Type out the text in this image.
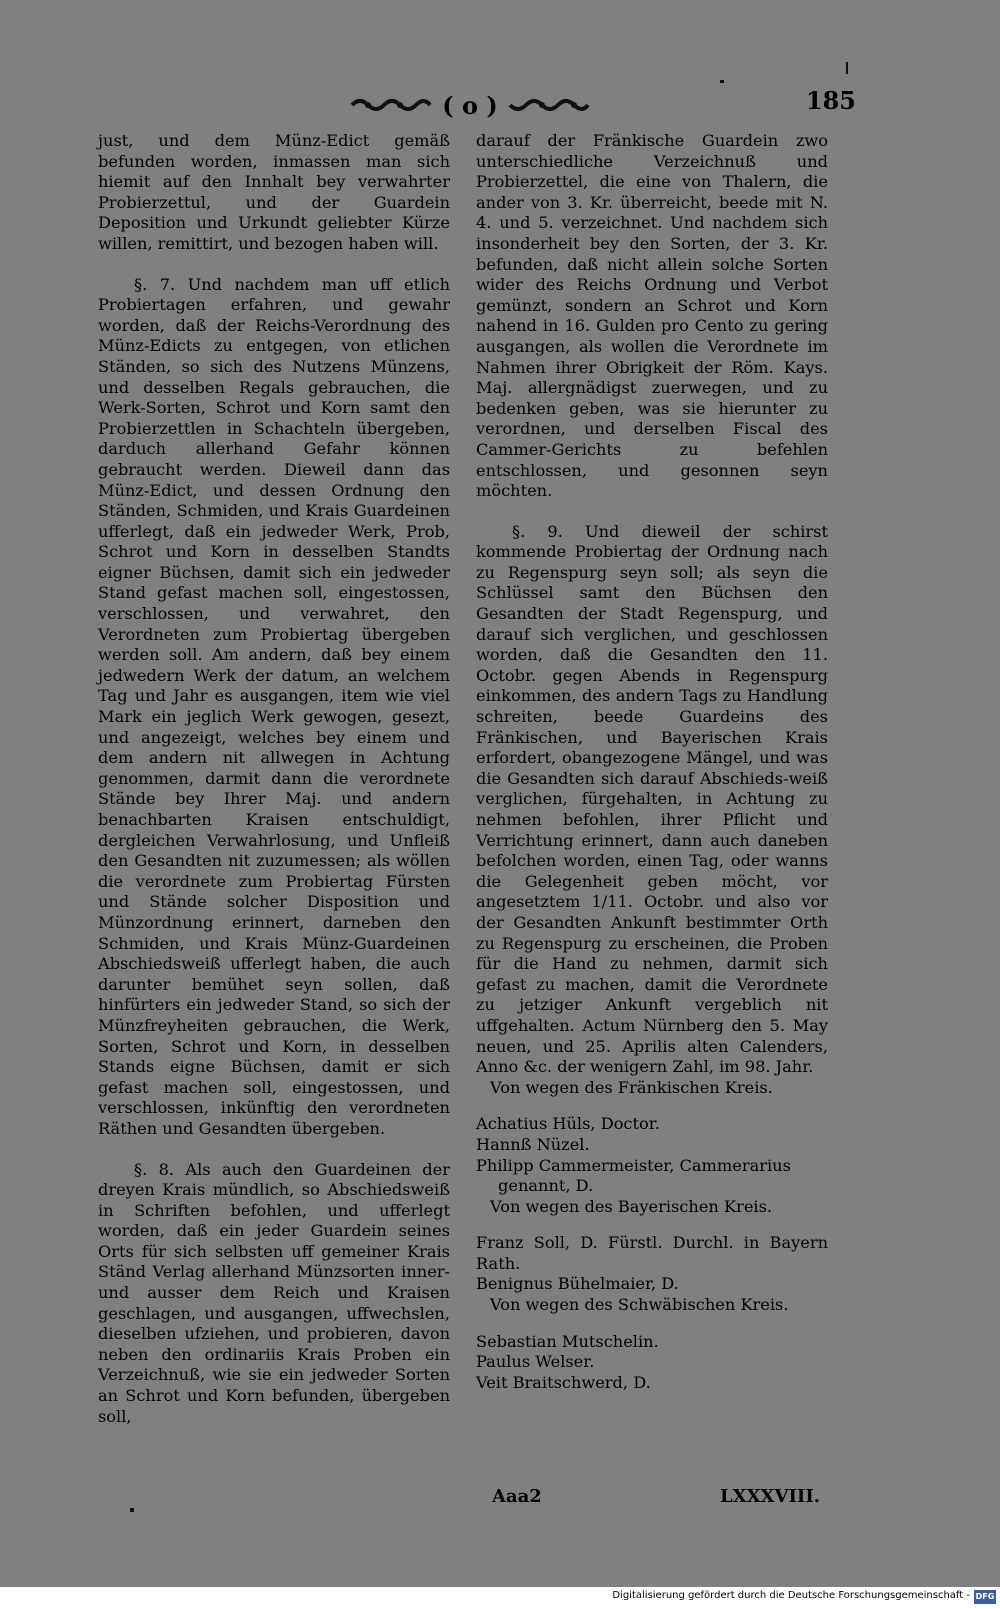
( o )	185

just, und dem Münz-Edict gemäß befunden worden, inmassen man sich hiemit auf den Innhalt bey verwahrter Probierzettul, und der Guardein Deposition und Urkundt geliebter Kürze willen, remittirt, und bezogen haben will.

§. 7. Und nachdem man uff etlich Probiertagen erfahren, und gewahr worden, daß der Reichs-Verordnung des Münz-Edicts zu entgegen, von etlichen Ständen, so sich des Nutzens Münzens, und desselben Regals gebrauchen, die Werk-Sorten, Schrot und Korn samt den Probierzettlen in Schachteln übergeben, darduch allerhand Gefahr können gebraucht werden. Dieweil dann das Münz-Edict, und dessen Ordnung den Ständen, Schmiden, und Krais Guardeinen ufferlegt, daß ein jedweder Werk, Prob, Schrot und Korn in desselben Standts eigner Büchsen, damit sich ein jedweder Stand gefast machen soll, eingestossen, verschlossen, und verwahret, den Verordneten zum Probiertag übergeben werden soll. Am andern, daß bey einem jedwedern Werk der datum, an welchem Tag und Jahr es ausgangen, item wie viel Mark ein jeglich Werk gewogen, gesezt, und angezeigt, welches bey einem und dem andern nit allwegen in Achtung genommen, darmit dann die verordnete Stände bey Ihrer Maj. und andern benachbarten Kraisen entschuldigt, dergleichen Verwahrlosung, und Unfleiß den Gesandten nit zuzumessen; als wöllen die verordnete zum Probiertag Fürsten und Stände solcher Disposition und Münzordnung erinnert, darneben den Schmiden, und Krais Münz-Guardeinen Abschiedsweiß ufferlegt haben, die auch darunter bemühet seyn sollen, daß hinfürters ein jedweder Stand, so sich der Münzfreyheiten gebrauchen, die Werk, Sorten, Schrot und Korn, in desselben Stands eigne Büchsen, damit er sich gefast machen soll, eingestossen, und verschlossen, inkünftig den verordneten Räthen und Gesandten übergeben.

§. 8. Als auch den Guardeinen der dreyen Krais mündlich, so Abschiedsweiß in Schriften befohlen, und ufferlegt worden, daß ein jeder Guardein seines Orts für sich selbsten uff gemeiner Krais Ständ Verlag allerhand Münzsorten inner- und ausser dem Reich und Kraisen geschlagen, und ausgangen, uffwechslen, dieselben ufziehen, und probieren, davon neben den ordinariis Krais Proben ein Verzeichnuß, wie sie ein jedweder Sorten an Schrot und Korn befunden, übergeben soll,

darauf der Fränkische Guardein zwo unterschiedliche Verzeichnuß und Probierzettel, die eine von Thalern, die ander von 3. Kr. überreicht, beede mit N. 4. und 5. verzeichnet. Und nachdem sich insonderheit bey den Sorten, der 3. Kr. befunden, daß nicht allein solche Sorten wider des Reichs Ordnung und Verbot gemünzt, sondern an Schrot und Korn nahend in 16. Gulden pro Cento zu gering ausgangen, als wollen die Verordnete im Nahmen ihrer Obrigkeit der Röm. Kays. Maj. allergnädigst zuerwegen, und zu bedenken geben, was sie hierunter zu verordnen, und derselben Fiscal des Cammer-Gerichts zu befehlen entschlossen, und gesonnen seyn möchten.

§. 9. Und dieweil der schirst kommende Probiertag der Ordnung nach zu Regenspurg seyn soll; als seyn die Schlüssel samt den Büchsen den Gesandten der Stadt Regenspurg, und darauf sich verglichen, und geschlossen worden, daß die Gesandten den 11. Octobr. gegen Abends in Regenspurg einkommen, des andern Tags zu Handlung schreiten, beede Guardeins des Fränkischen, und Bayerischen Krais erfordert, obangezogene Mängel, und was die Gesandten sich darauf Abschieds-weiß verglichen, fürgehalten, in Achtung zu nehmen befohlen, ihrer Pflicht und Verrichtung erinnert, dann auch daneben befolchen worden, einen Tag, oder wanns die Gelegenheit geben möcht, vor angesetztem 1/11. Octobr. und also vor der Gesandten Ankunft bestimmter Orth zu Regenspurg zu erscheinen, die Proben für die Hand zu nehmen, darmit sich gefast zu machen, damit die Verordnete zu jetziger Ankunft vergeblich nit uffgehalten. Actum Nürnberg den 5. May neuen, und 25. Aprilis alten Calenders, Anno &c. der wenigern Zahl, im 98. Jahr.

Von wegen des Fränkischen Kreis.

Achatius Hüls, Doctor.

Hannß Nüzel.

Philipp Cammermeister, Cammerarius

genannt, D.

Von wegen des Bayerischen Kreis.

Franz Soll, D. Fürstl. Durchl. in Bayern Rath.

Benignus Bühelmaier, D.

Von wegen des Schwäbischen Kreis.

Sebastian Mutschelin.

Paulus Welser.

Veit Braitschwerd, D.

Aaa2	LXXXVIII.
Digitalisierung gefördert durch die Deutsche Forschungsgemeinschaft - DFG
